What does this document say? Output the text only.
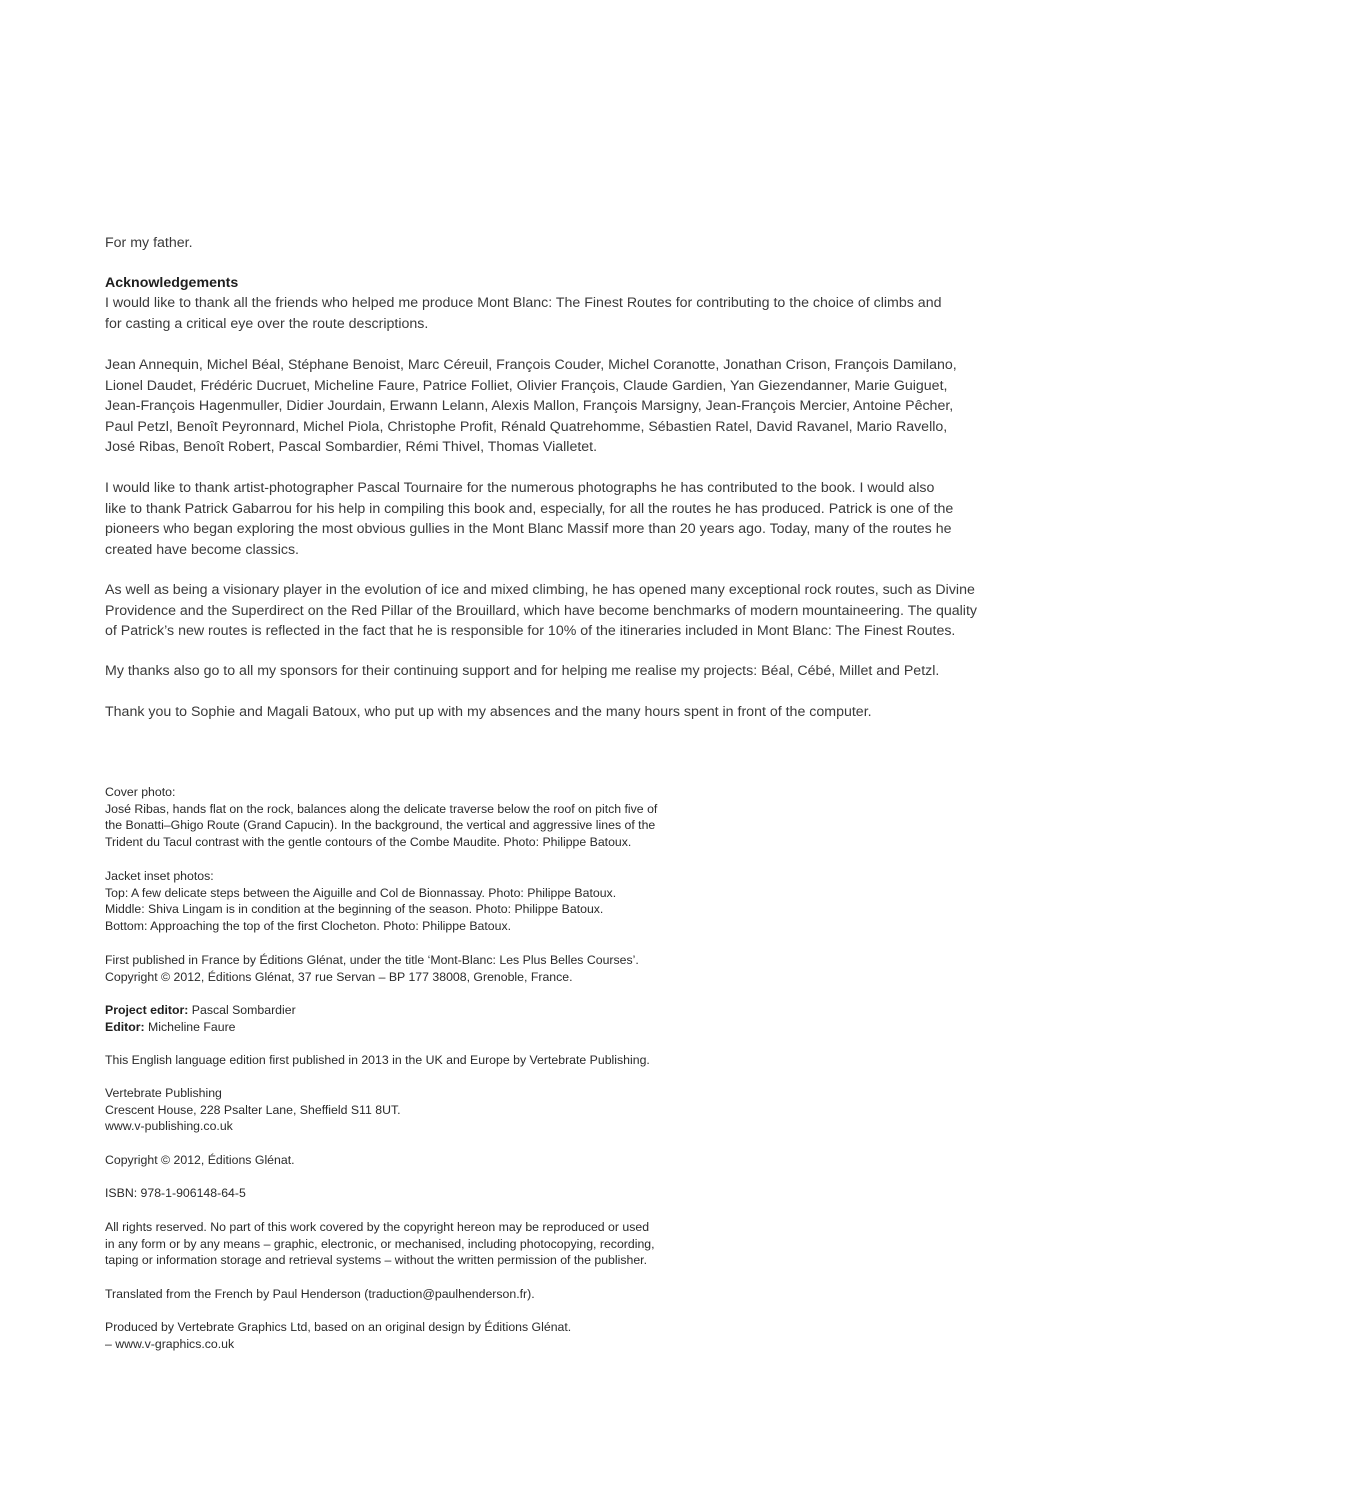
For my father.

Acknowledgements

I would like to thank all the friends who helped me produce Mont Blanc: The Finest Routes for contributing to the choice of climbs and
for casting a critical eye over the route descriptions.

Jean Annequin, Michel Béal, Stéphane Benoist, Marc Céreuil, François Couder, Michel Coranotte, Jonathan Crison, François Damilano,
Lionel Daudet, Frédéric Ducruet, Micheline Faure, Patrice Folliet, Olivier François, Claude Gardien, Yan Giezendanner, Marie Guiguet,
Jean-François Hagenmuller, Didier Jourdain, Erwann Lelann, Alexis Mallon, François Marsigny, Jean-François Mercier, Antoine Pêcher,
Paul Petzl, Benoît Peyronnard, Michel Piola, Christophe Profit, Rénald Quatrehomme, Sébastien Ratel, David Ravanel, Mario Ravello,
José Ribas, Benoît Robert, Pascal Sombardier, Rémi Thivel, Thomas Vialletet.

I would like to thank artist-photographer Pascal Tournaire for the numerous photographs he has contributed to the book. I would also
like to thank Patrick Gabarrou for his help in compiling this book and, especially, for all the routes he has produced. Patrick is one of the
pioneers who began exploring the most obvious gullies in the Mont Blanc Massif more than 20 years ago. Today, many of the routes he
created have become classics.

As well as being a visionary player in the evolution of ice and mixed climbing, he has opened many exceptional rock routes, such as Divine
Providence and the Superdirect on the Red Pillar of the Brouillard, which have become benchmarks of modern mountaineering. The quality
of Patrick’s new routes is reflected in the fact that he is responsible for 10% of the itineraries included in Mont Blanc: The Finest Routes.

My thanks also go to all my sponsors for their continuing support and for helping me realise my projects: Béal, Cébé, Millet and Petzl.

Thank you to Sophie and Magali Batoux, who put up with my absences and the many hours spent in front of the computer.

Cover photo:
José Ribas, hands flat on the rock, balances along the delicate traverse below the roof on pitch five of
the Bonatti–Ghigo Route (Grand Capucin). In the background, the vertical and aggressive lines of the
Trident du Tacul contrast with the gentle contours of the Combe Maudite. Photo: Philippe Batoux.

Jacket inset photos:
Top: A few delicate steps between the Aiguille and Col de Bionnassay. Photo: Philippe Batoux.
Middle: Shiva Lingam is in condition at the beginning of the season. Photo: Philippe Batoux.
Bottom: Approaching the top of the first Clocheton. Photo: Philippe Batoux.

First published in France by Éditions Glénat, under the title ‘Mont-Blanc: Les Plus Belles Courses’.
Copyright © 2012, Éditions Glénat, 37 rue Servan – BP 177 38008, Grenoble, France.

Project editor: Pascal Sombardier
Editor: Micheline Faure

This English language edition first published in 2013 in the UK and Europe by Vertebrate Publishing.

Vertebrate Publishing
Crescent House, 228 Psalter Lane, Sheffield S11 8UT.
www.v-publishing.co.uk

Copyright © 2012, Éditions Glénat.

ISBN: 978-1-906148-64-5

All rights reserved. No part of this work covered by the copyright hereon may be reproduced or used
in any form or by any means – graphic, electronic, or mechanised, including photocopying, recording,
taping or information storage and retrieval systems – without the written permission of the publisher.

Translated from the French by Paul Henderson (traduction@paulhenderson.fr).

Produced by Vertebrate Graphics Ltd, based on an original design by Éditions Glénat.
– www.v-graphics.co.uk
